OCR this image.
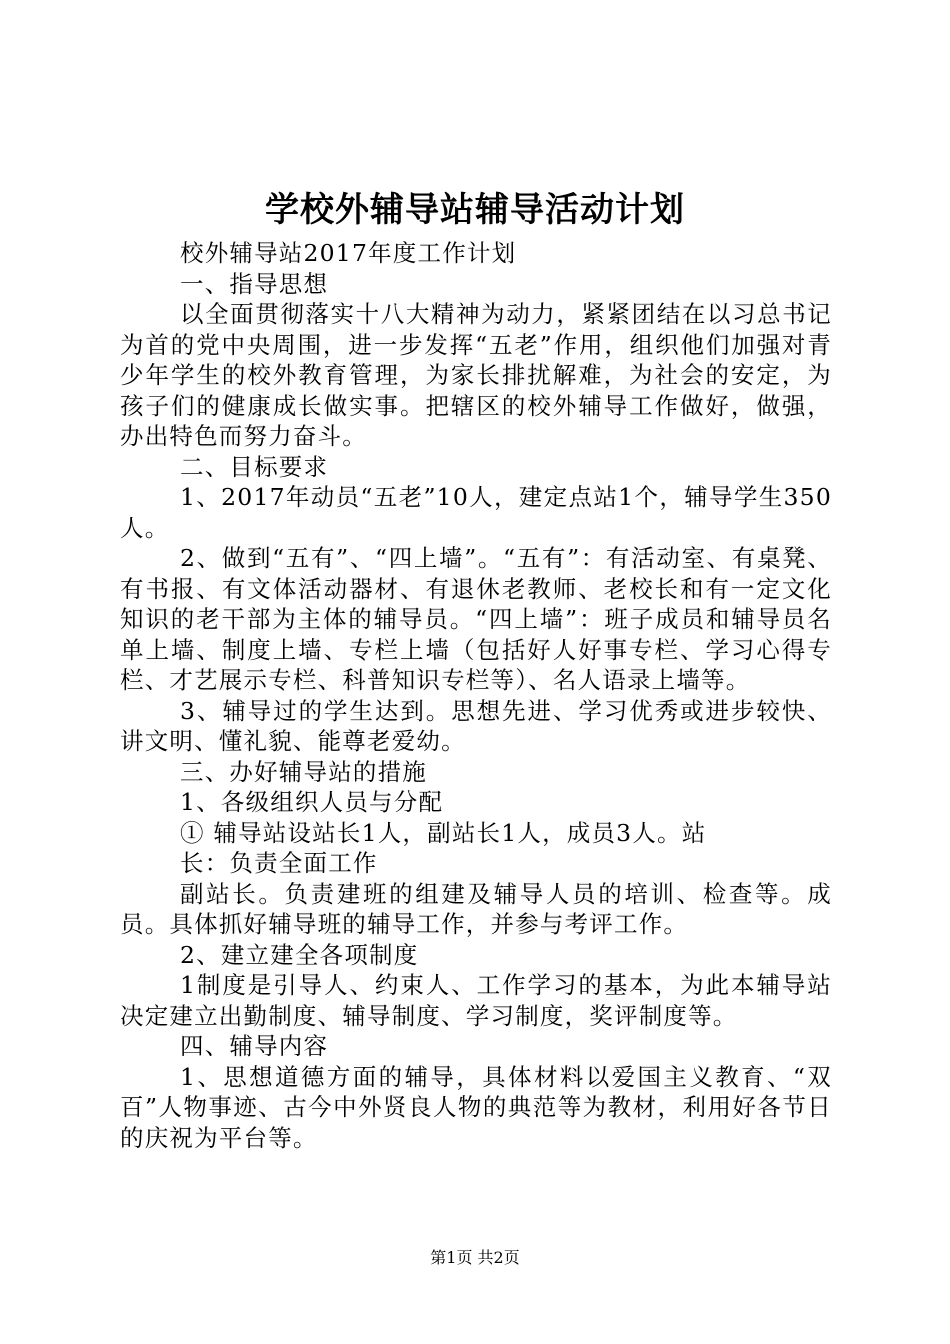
学校外辅导站辅导活动计划

校外辅导站2017年度工作计划

一、指导思想

以全面贯彻落实十八大精神为动力，紧紧团结在以习总书记为首的党中央周围，进一步发挥“五老”作用，组织他们加强对青少年学生的校外教育管理，为家长排扰解难，为社会的安定，为孩子们的健康成长做实事。把辖区的校外辅导工作做好，做强，办出特色而努力奋斗。

二、目标要求

1、2017年动员“五老”10人，建定点站1个，辅导学生350人。

2、做到“五有”、“四上墙”。“五有”：有活动室、有桌凳、有书报、有文体活动器材、有退休老教师、老校长和有一定文化知识的老干部为主体的辅导员。“四上墙”：班子成员和辅导员名单上墙、制度上墙、专栏上墙（包括好人好事专栏、学习心得专栏、才艺展示专栏、科普知识专栏等）、名人语录上墙等。

3、辅导过的学生达到。思想先进、学习优秀或进步较快、讲文明、懂礼貌、能尊老爱幼。

三、办好辅导站的措施

1、各级组织人员与分配

① 辅导站设站长1人，副站长1人，成员3人。站

长：负责全面工作

副站长。负责建班的组建及辅导人员的培训、检查等。成员。具体抓好辅导班的辅导工作，并参与考评工作。

2、建立建全各项制度

1制度是引导人、约束人、工作学习的基本，为此本辅导站决定建立出勤制度、辅导制度、学习制度，奖评制度等。

四、辅导内容

1、思想道德方面的辅导，具体材料以爱国主义教育、“双百”人物事迹、古今中外贤良人物的典范等为教材，利用好各节日的庆祝为平台等。

第1页 共2页
